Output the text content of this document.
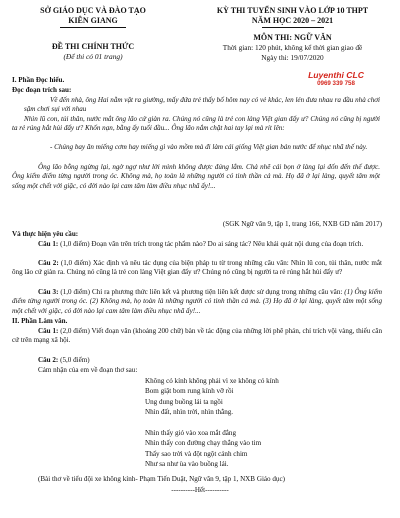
SỞ GIÁO DỤC VÀ ĐÀO TẠO
KIÊN GIANG
ĐỀ THI CHÍNH THỨC
(Để thi có 01 trang)
KỲ THI TUYỂN SINH VÀO LỚP 10 THPT
NĂM HỌC 2020 – 2021
MÔN THI: NGỮ VĂN
Thời gian: 120 phút, không kể thời gian giao đề
Ngày thi: 19/07/2020
Luyenthi CLC
0969 339 758
I. Phần Đọc hiểu.
Đọc đoạn trích sau:

Về đến nhà, ông Hai nằm vật ra giường, mấy đứa trẻ thấy bố hôm nay có vẻ khác, len lén đưa nhau ra đầu nhà chơi sậm chơi sụi với nhau

Nhìn lũ con, tủi thân, nước mắt ông lão cứ giàn ra. Chúng nó cũng là trẻ con làng Việt gian đấy ư? Chúng nó cũng bị người ta rẻ rúng hắt hủi đấy ư? Khốn nạn, bằng ấy tuổi đầu... Ông lão nắm chặt hai tay lại mà rít lên:

- Chúng bay ăn miếng cơm hay miếng gì vào mồm mà đi làm cái giống Việt gian bán nước để nhục nhã thế này.

Ông lão bỗng ngừng lại, ngờ ngợ như lời mình không được đúng lắm. Chả nhẽ cái bọn ở làng lại đốn đến thế được. Ông kiểm điểm từng người trong óc. Không mà, họ toàn là những người có tinh thần cả mà. Họ đã ở lại làng, quyết tâm một sống một chết với giặc, có đời nào lại cam tâm làm điều nhục nhã ấy!...

(SGK Ngữ văn 9, tập 1, trang 166, NXB GD năm 2017)
Và thực hiện yêu cầu:

Câu 1: (1,0 điểm) Đoạn văn trên trích trong tác phẩm nào? Do ai sáng tác? Nêu khái quát nội dung của đoạn trích.

Câu 2: (1,0 điểm) Xác định và nêu tác dụng của biện pháp tu từ trong những câu văn: Nhìn lũ con, tủi thân, nước mắt ông lão cứ giàn ra. Chúng nó cũng là trẻ con làng Việt gian đấy ư? Chúng nó cũng bị người ta rẻ rúng hắt hủi đấy ư?

Câu 3: (1,0 điểm) Chỉ ra phương thức liên kết và phương tiện liên kết được sử dụng trong những câu văn: (1) Ông kiểm điểm từng người trong óc. (2) Không mà, họ toàn là những người có tinh thần cả mà. (3) Họ đã ở lại làng, quyết tâm một sống một chết với giặc, có đời nào lại cam tâm làm điều nhục nhã ấy!...

II. Phần Làm văn.

Câu 1: (2,0 điểm) Viết đoạn văn (khoảng 200 chữ) bàn về tác động của những lời phê phán, chỉ trích vội vàng, thiếu căn cứ trên mạng xã hội.

Câu 2: (5,0 điểm)
Cảm nhận của em về đoạn thơ sau:
Không có kính không phải vì xe không có kính
Bom giật bom rung kính vỡ rồi
Ung dung buồng lái ta ngồi
Nhìn đất, nhìn trời, nhìn thẳng.
Nhìn thấy gió vào xoa mắt đắng
Nhìn thấy con đường chạy thẳng vào tim
Thấy sao trời và đột ngột cánh chim
Như sa như ùa vào buồng lái.
(Bài thơ về tiểu đội xe không kính- Phạm Tiến Duật, Ngữ văn 9, tập 1, NXB Giáo dục)
----------Hết----------
